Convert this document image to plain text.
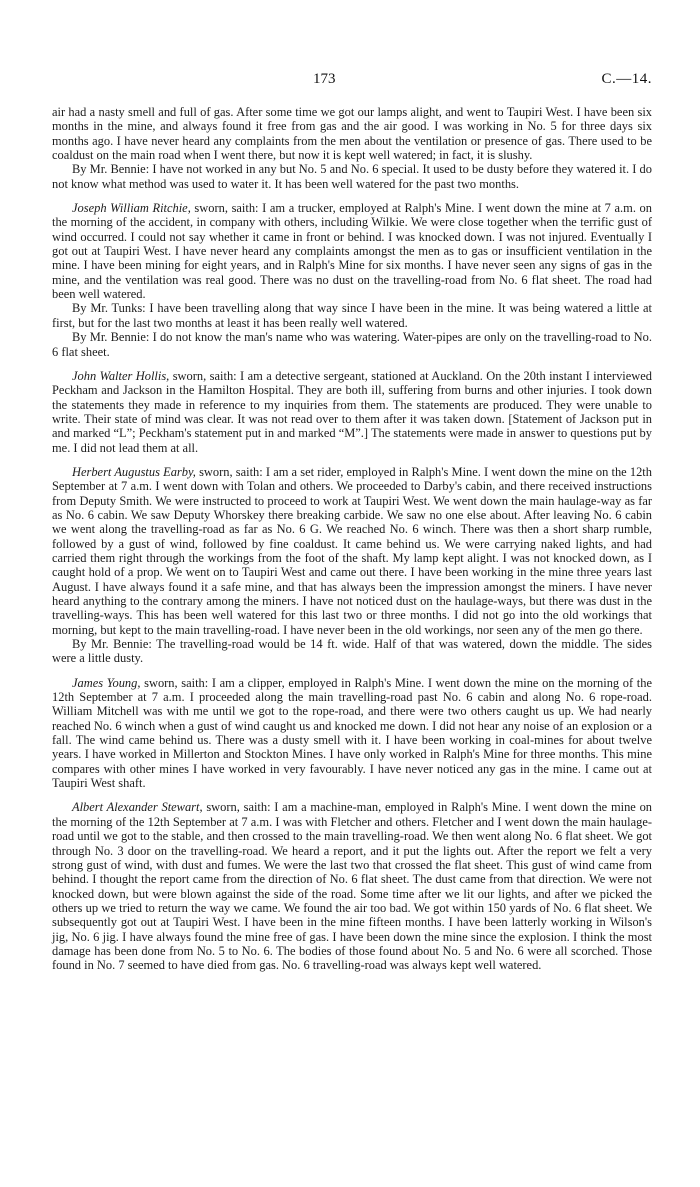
173	C.—14.

air had a nasty smell and full of gas. After some time we got our lamps alight, and went to Taupiri West. I have been six months in the mine, and always found it free from gas and the air good. I was working in No. 5 for three days six months ago. I have never heard any complaints from the men about the ventilation or presence of gas. There used to be coaldust on the main road when I went there, but now it is kept well watered; in fact, it is slushy.

By Mr. Bennie: I have not worked in any but No. 5 and No. 6 special. It used to be dusty before they watered it. I do not know what method was used to water it. It has been well watered for the past two months.

Joseph William Ritchie, sworn, saith: I am a trucker, employed at Ralph's Mine. I went down the mine at 7 a.m. on the morning of the accident, in company with others, including Wilkie. We were close together when the terrific gust of wind occurred. I could not say whether it came in front or behind. I was knocked down. I was not injured. Eventually I got out at Taupiri West. I have never heard any complaints amongst the men as to gas or insufficient ventilation in the mine. I have been mining for eight years, and in Ralph's Mine for six months. I have never seen any signs of gas in the mine, and the ventilation was real good. There was no dust on the travelling-road from No. 6 flat sheet. The road had been well watered.

By Mr. Tunks: I have been travelling along that way since I have been in the mine. It was being watered a little at first, but for the last two months at least it has been really well watered.

By Mr. Bennie: I do not know the man's name who was watering. Water-pipes are only on the travelling-road to No. 6 flat sheet.

John Walter Hollis, sworn, saith: I am a detective sergeant, stationed at Auckland. On the 20th instant I interviewed Peckham and Jackson in the Hamilton Hospital. They are both ill, suffering from burns and other injuries. I took down the statements they made in reference to my inquiries from them. The statements are produced. They were unable to write. Their state of mind was clear. It was not read over to them after it was taken down. [Statement of Jackson put in and marked “L”; Peckham's statement put in and marked “M”.] The statements were made in answer to questions put by me. I did not lead them at all.

Herbert Augustus Earby, sworn, saith: I am a set rider, employed in Ralph's Mine. I went down the mine on the 12th September at 7 a.m. I went down with Tolan and others. We proceeded to Darby's cabin, and there received instructions from Deputy Smith. We were instructed to proceed to work at Taupiri West. We went down the main haulage-way as far as No. 6 cabin. We saw Deputy Whorskey there breaking carbide. We saw no one else about. After leaving No. 6 cabin we went along the travelling-road as far as No. 6 G. We reached No. 6 winch. There was then a short sharp rumble, followed by a gust of wind, followed by fine coaldust. It came behind us. We were carrying naked lights, and had carried them right through the workings from the foot of the shaft. My lamp kept alight. I was not knocked down, as I caught hold of a prop. We went on to Taupiri West and came out there. I have been working in the mine three years last August. I have always found it a safe mine, and that has always been the impression amongst the miners. I have never heard anything to the contrary among the miners. I have not noticed dust on the haulage-ways, but there was dust in the travelling-ways. This has been well watered for this last two or three months. I did not go into the old workings that morning, but kept to the main travelling-road. I have never been in the old workings, nor seen any of the men go there.

By Mr. Bennie: The travelling-road would be 14 ft. wide. Half of that was watered, down the middle. The sides were a little dusty.

James Young, sworn, saith: I am a clipper, employed in Ralph's Mine. I went down the mine on the morning of the 12th September at 7 a.m. I proceeded along the main travelling-road past No. 6 cabin and along No. 6 rope-road. William Mitchell was with me until we got to the rope-road, and there were two others caught us up. We had nearly reached No. 6 winch when a gust of wind caught us and knocked me down. I did not hear any noise of an explosion or a fall. The wind came behind us. There was a dusty smell with it. I have been working in coal-mines for about twelve years. I have worked in Millerton and Stockton Mines. I have only worked in Ralph's Mine for three months. This mine compares with other mines I have worked in very favourably. I have never noticed any gas in the mine. I came out at Taupiri West shaft.

Albert Alexander Stewart, sworn, saith: I am a machine-man, employed in Ralph's Mine. I went down the mine on the morning of the 12th September at 7 a.m. I was with Fletcher and others. Fletcher and I went down the main haulage-road until we got to the stable, and then crossed to the main travelling-road. We then went along No. 6 flat sheet. We got through No. 3 door on the travelling-road. We heard a report, and it put the lights out. After the report we felt a very strong gust of wind, with dust and fumes. We were the last two that crossed the flat sheet. This gust of wind came from behind. I thought the report came from the direction of No. 6 flat sheet. The dust came from that direction. We were not knocked down, but were blown against the side of the road. Some time after we lit our lights, and after we picked the others up we tried to return the way we came. We found the air too bad. We got within 150 yards of No. 6 flat sheet. We subsequently got out at Taupiri West. I have been in the mine fifteen months. I have been latterly working in Wilson's jig, No. 6 jig. I have always found the mine free of gas. I have been down the mine since the explosion. I think the most damage has been done from No. 5 to No. 6. The bodies of those found about No. 5 and No. 6 were all scorched. Those found in No. 7 seemed to have died from gas. No. 6 travelling-road was always kept well watered.
